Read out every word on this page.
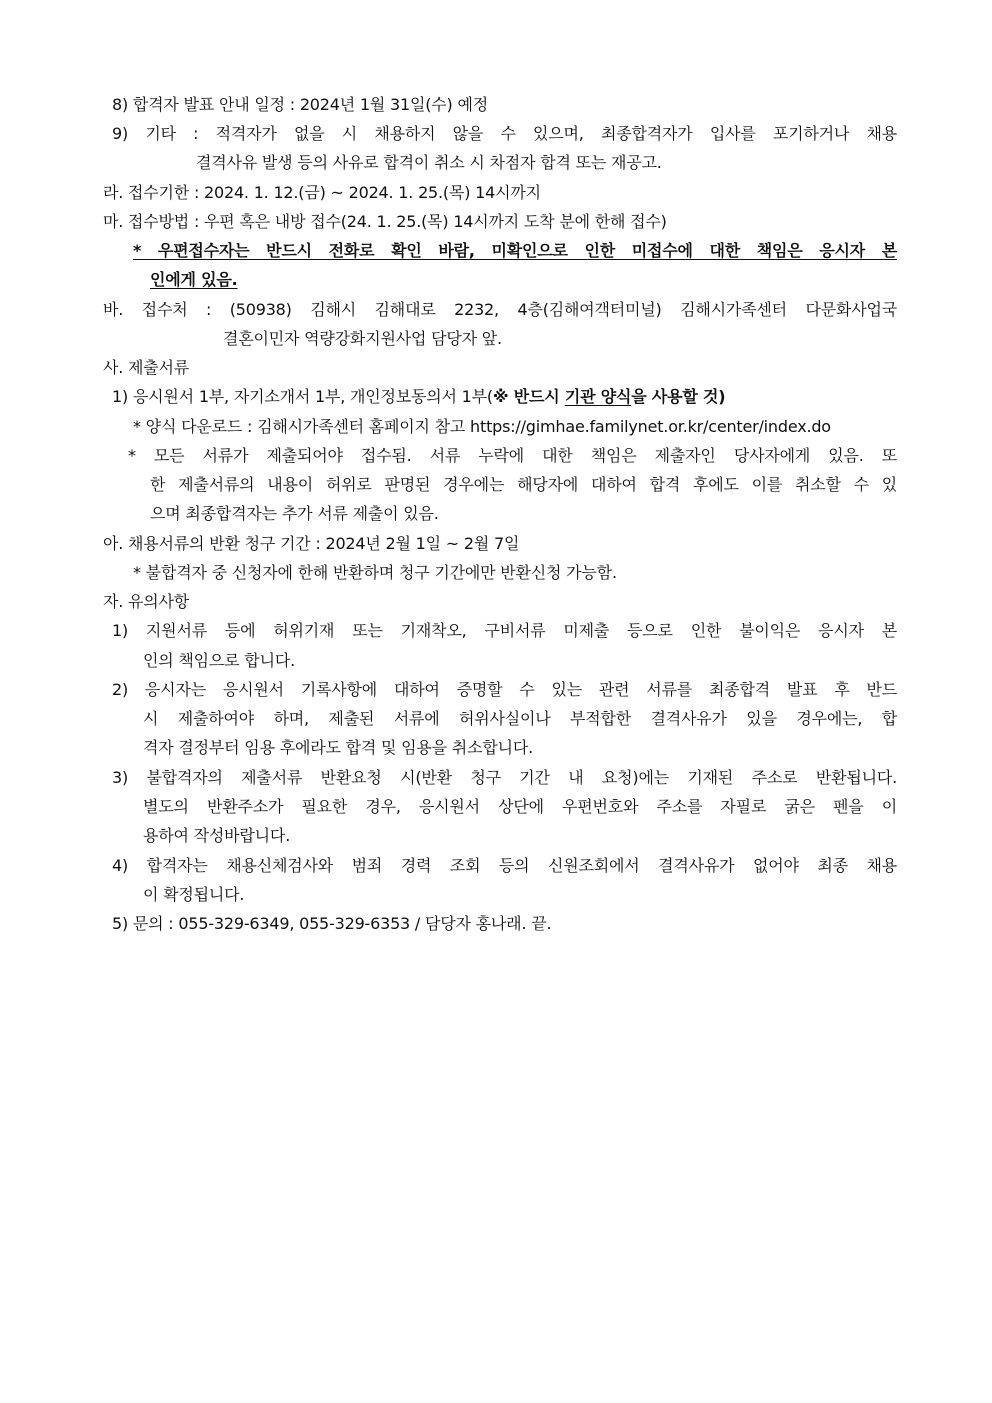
8) 합격자 발표 안내 일정 : 2024년 1월 31일(수) 예정
9) 기타 : 적격자가 없을 시 채용하지 않을 수 있으며, 최종합격자가 입사를 포기하거나 채용
결격사유 발생 등의 사유로 합격이 취소 시 차점자 합격 또는 재공고.
라. 접수기한 : 2024. 1. 12.(금) ~ 2024. 1. 25.(목) 14시까지
마. 접수방법 : 우편 혹은 내방 접수(24. 1. 25.(목) 14시까지 도착 분에 한해 접수)
* 우편접수자는 반드시 전화로 확인 바람, 미확인으로 인한 미접수에 대한 책임은 응시자 본
인에게 있음.
바. 접수처 : (50938) 김해시 김해대로 2232, 4층(김해여객터미널) 김해시가족센터 다문화사업국
결혼이민자 역량강화지원사업 담당자 앞.
사. 제출서류
1) 응시원서 1부, 자기소개서 1부, 개인정보동의서 1부(※ 반드시 기관 양식을 사용할 것)
* 양식 다운로드 : 김해시가족센터 홈페이지 참고 https://gimhae.familynet.or.kr/center/index.do
* 모든 서류가 제출되어야 접수됨. 서류 누락에 대한 책임은 제출자인 당사자에게 있음. 또
한 제출서류의 내용이 허위로 판명된 경우에는 해당자에 대하여 합격 후에도 이를 취소할 수 있
으며 최종합격자는 추가 서류 제출이 있음.
아. 채용서류의 반환 청구 기간 : 2024년 2월 1일 ~ 2월 7일
* 불합격자 중 신청자에 한해 반환하며 청구 기간에만 반환신청 가능함.
자. 유의사항
1) 지원서류 등에 허위기재 또는 기재착오, 구비서류 미제출 등으로 인한 불이익은 응시자 본
인의 책임으로 합니다.
2) 응시자는 응시원서 기록사항에 대하여 증명할 수 있는 관련 서류를 최종합격 발표 후 반드
시 제출하여야 하며, 제출된 서류에 허위사실이나 부적합한 결격사유가 있을 경우에는, 합
격자 결정부터 임용 후에라도 합격 및 임용을 취소합니다.
3) 불합격자의 제출서류 반환요청 시(반환 청구 기간 내 요청)에는 기재된 주소로 반환됩니다.
별도의 반환주소가 필요한 경우, 응시원서 상단에 우편번호와 주소를 자필로 굵은 펜을 이
용하여 작성바랍니다.
4) 합격자는 채용신체검사와 범죄 경력 조회 등의 신원조회에서 결격사유가 없어야 최종 채용
이 확정됩니다.
5) 문의 : 055-329-6349, 055-329-6353 / 담당자 홍나래. 끝.
